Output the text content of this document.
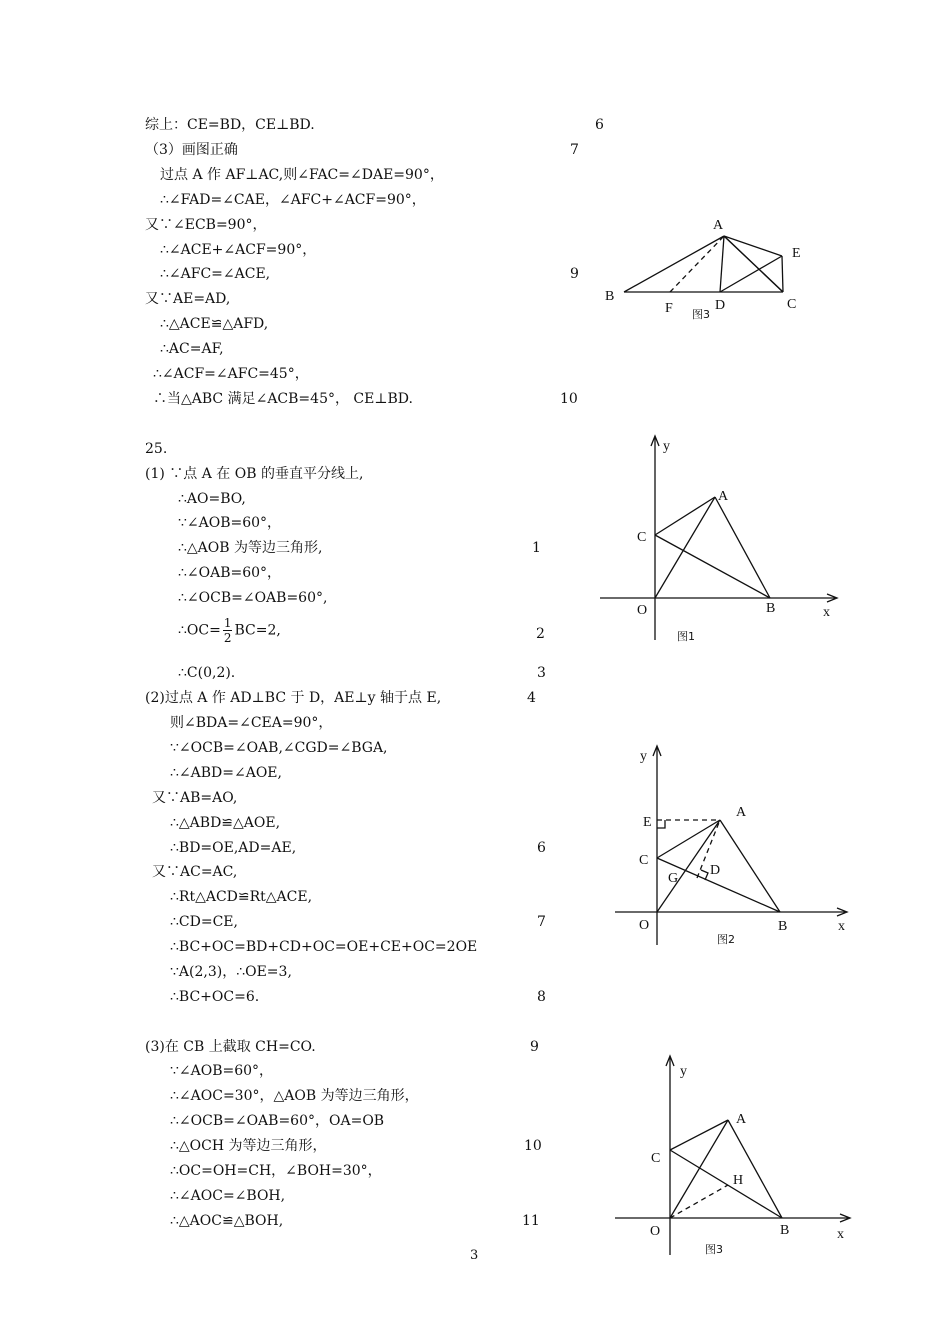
综上：CE=BD，CE⊥BD.
（3）画图正确
过点 A 作 AF⊥AC,则∠FAC=∠DAE=90°，
∴∠FAD=∠CAE，∠AFC+∠ACF=90°，
又∵∠ECB=90°，
∴∠ACE+∠ACF=90°，
∴∠AFC=∠ACE,
又∵AE=AD,
∴△ACE≌△AFD,
∴AC=AF,
∴∠ACF=∠AFC=45°，
∴当△ABC 满足∠ACB=45°， CE⊥BD.
6
7
9
10
A
E
B
F	D	C
图3
25.
(1) ∵点 A 在 OB 的垂直平分线上,
∴AO=BO,
∵∠AOB=60°，
∴△AOB 为等边三角形,
∴∠OAB=60°，
∴∠OCB=∠OAB=60°,
∴OC= $\frac{1}{2} BC=2$,
∴C(0,2).
(2)过点 A 作 AD⊥BC 于 D，AE⊥y 轴于点 E,
则∠BDA=∠CEA=90°，
∵∠OCB=∠OAB,∠CGD=∠BGA,
∴∠ABD=∠AOE,
又∵AB=AO,
∴△ABD≌△AOE,
∴BD=OE,AD=AE,
又∵AC=AC,
∴Rt△ACD≌Rt△ACE,
∴CD=CE,
∴BC+OC=BD+CD+OC=OE+CE+OC=2OE
∵A(2,3)，∴OE=3,
∴BC+OC=6.
(3)在 CB 上截取 CH=CO.
∵∠AOB=60°，
∴∠AOC=30°，△AOB 为等边三角形，
∴∠OCB=∠OAB=60°，OA=OB
∴△OCH 为等边三角形，
∴OC=OH=CH，∠BOH=30°，
∴∠AOC=∠BOH,
∴△AOC≌△BOH,
1
2
3
4
6
7
8
9
10
11
y
A
C
O	B	x
图1
y
E
A
C
D
G
O	B	x
图2
y
A
C
H
O	B	x
图3
3
